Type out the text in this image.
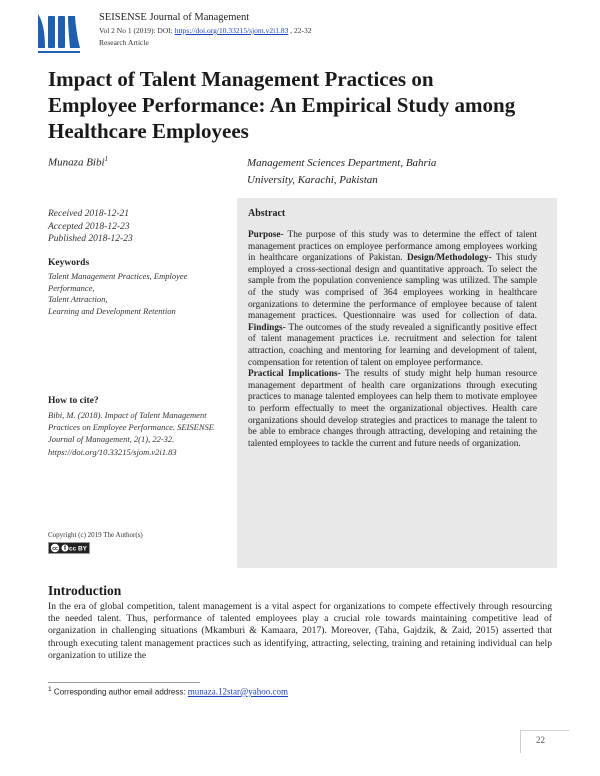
SEISENSE Journal of Management
Vol 2 No 1 (2019): DOI: https://doi.org/10.33215/sjom.v2i1.83 , 22-32
Research Article
Impact of Talent Management Practices on Employee Performance: An Empirical Study among Healthcare Employees
Munaza Bibi$^1$	Management Sciences Department, Bahria University, Karachi, Pakistan
Received 2018-12-21
Accepted 2018-12-23
Published 2018-12-23
Keywords
Talent Management Practices, Employee Performance,
Talent Attraction,
Learning and Development Retention
How to cite?
Bibi, M. (2018). Impact of Talent Management Practices on Employee Performance. SEISENSE Journal of Management, 2(1), 22-32. https://doi.org/10.33215/sjom.v2i1.83
Copyright (c) 2019 The Author(s)
cc cc BY
Abstract

Purpose- The purpose of this study was to determine the effect of talent management practices on employee performance among employees working in healthcare organizations of Pakistan. Design/Methodology- This study employed a cross-sectional design and quantitative approach. To select the sample from the population convenience sampling was utilized. The sample of the study was comprised of 364 employees working in healthcare organizations to determine the performance of employee because of talent management practices. Questionnaire was used for collection of data. Findings- The outcomes of the study revealed a significantly positive effect of talent management practices i.e. recruitment and selection for talent attraction, coaching and mentoring for learning and development of talent, compensation for retention of talent on employee performance.

Practical Implications- The results of study might help human resource management department of health care organizations through executing practices to manage talented employees can help them to motivate employee to perform effectually to meet the organizational objectives. Health care organizations should develop strategies and practices to manage the talent to be able to embrace changes through attracting, developing and retaining the talented employees to tackle the current and future needs of organization.

Introduction
In the era of global competition, talent management is a vital aspect for organizations to compete effectively through resourcing the needed talent. Thus, performance of talented employees play a crucial role towards maintaining competitive lead of organization in challenging situations (Mkamburi & Kamaara, 2017). Moreover, (Taha, Gajdzik, & Zaid, 2015) asserted that through executing talent management practices such as identifying, attracting, selecting, training and retaining individual can help organization to utilize the
$^1$ Corresponding author email address: munaza.12star@yahoo.com
22
